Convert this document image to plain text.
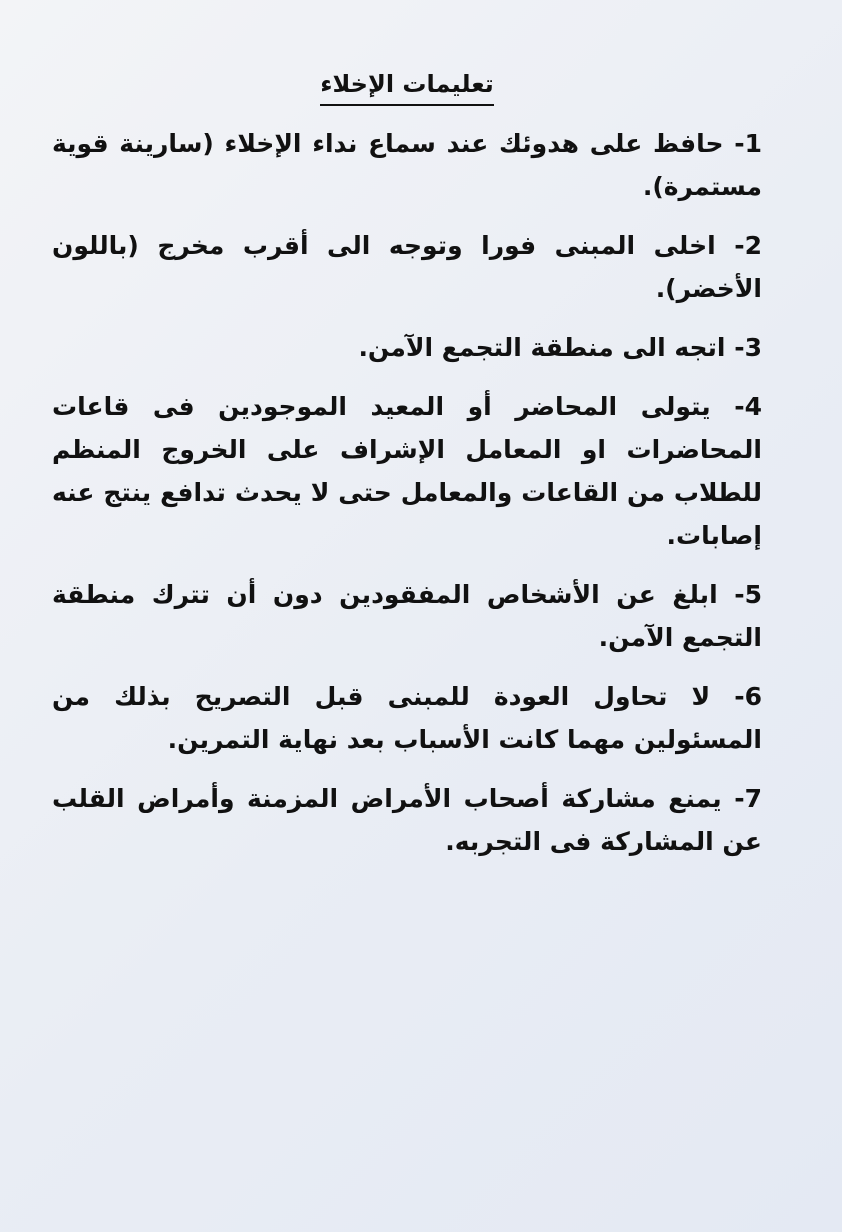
تعليمات الإخلاء
1- حافظ على هدوئك عند سماع نداء الإخلاء (سارينة قوية مستمرة).
2- اخلى المبنى فورا وتوجه الى أقرب مخرج (باللون الأخضر).
3- اتجه الى منطقة التجمع الآمن.
4- يتولى المحاضر أو المعيد الموجودين فى قاعات المحاضرات او المعامل الإشراف على الخروج المنظم للطلاب من القاعات والمعامل حتى لا يحدث تدافع ينتج عنه إصابات.
5- ابلغ عن الأشخاص المفقودين دون أن تترك منطقة التجمع الآمن.
6- لا تحاول العودة للمبنى قبل التصريح بذلك من المسئولين مهما كانت الأسباب بعد نهاية التمرين.
7- يمنع مشاركة أصحاب الأمراض المزمنة وأمراض القلب عن المشاركة فى التجربه.
